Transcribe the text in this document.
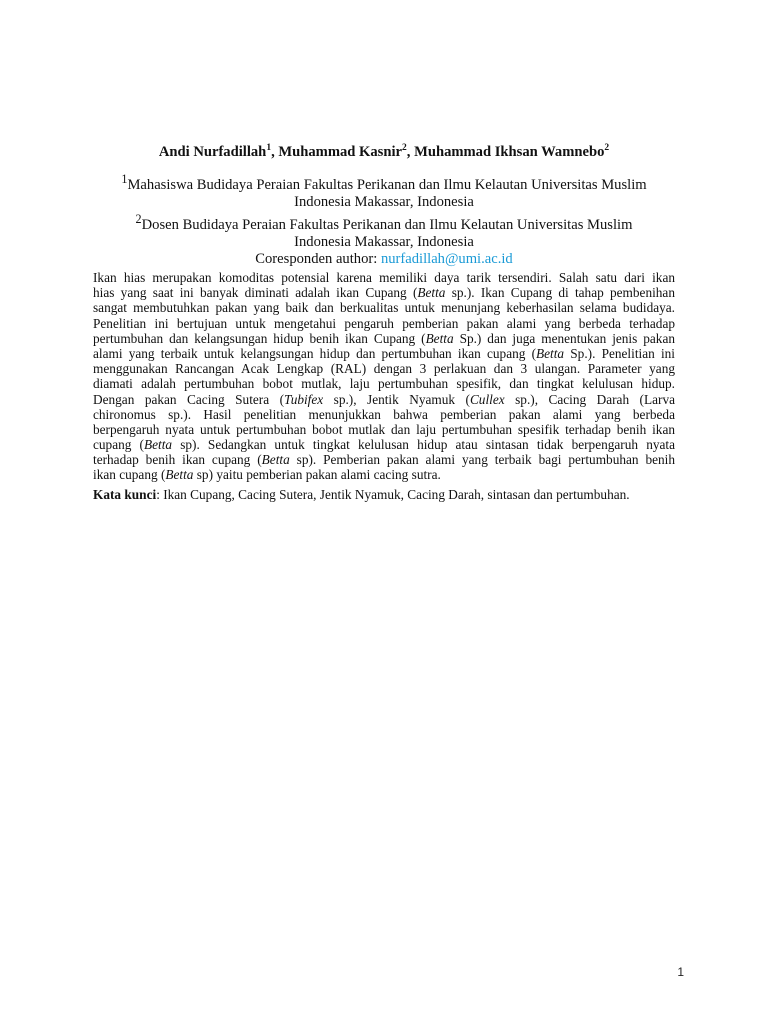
Andi Nurfadillah$^1$, Muhammad Kasnir$^2$, Muhammad Ikhsan Wamnebo$^2$
$^1$Mahasiswa Budidaya Peraian Fakultas Perikanan dan Ilmu Kelautan Universitas Muslim
Indonesia Makassar, Indonesia
$^2$Dosen Budidaya Peraian Fakultas Perikanan dan Ilmu Kelautan Universitas Muslim
Indonesia Makassar, Indonesia
Coresponden author: nurfadillah@umi.ac.id
Ikan hias merupakan komoditas potensial karena memiliki daya tarik tersendiri. Salah satu dari ikan
hias yang saat ini banyak diminati adalah ikan Cupang (Betta sp.). Ikan Cupang di tahap pembenihan
sangat membutuhkan pakan yang baik dan berkualitas untuk menunjang keberhasilan selama budidaya.
Penelitian ini bertujuan untuk mengetahui pengaruh pemberian pakan alami yang berbeda terhadap
pertumbuhan dan kelangsungan hidup benih ikan Cupang (Betta Sp.) dan juga menentukan jenis pakan
alami yang terbaik untuk kelangsungan hidup dan pertumbuhan ikan cupang (Betta Sp.). Penelitian ini
menggunakan Rancangan Acak Lengkap (RAL) dengan 3 perlakuan dan 3 ulangan. Parameter yang
diamati adalah pertumbuhan bobot mutlak, laju pertumbuhan spesifik, dan tingkat kelulusan hidup.
Dengan pakan Cacing Sutera (Tubifex sp.), Jentik Nyamuk (Cullex sp.), Cacing Darah (Larva
chironomus sp.). Hasil penelitian menunjukkan bahwa pemberian pakan alami yang berbeda
berpengaruh nyata untuk pertumbuhan bobot mutlak dan laju pertumbuhan spesifik terhadap benih ikan
cupang (Betta sp). Sedangkan untuk tingkat kelulusan hidup atau sintasan tidak berpengaruh nyata
terhadap benih ikan cupang (Betta sp). Pemberian pakan alami yang terbaik bagi pertumbuhan benih
ikan cupang (Betta sp) yaitu pemberian pakan alami cacing sutra.
Kata kunci: Ikan Cupang, Cacing Sutera, Jentik Nyamuk, Cacing Darah, sintasan dan pertumbuhan.
1
